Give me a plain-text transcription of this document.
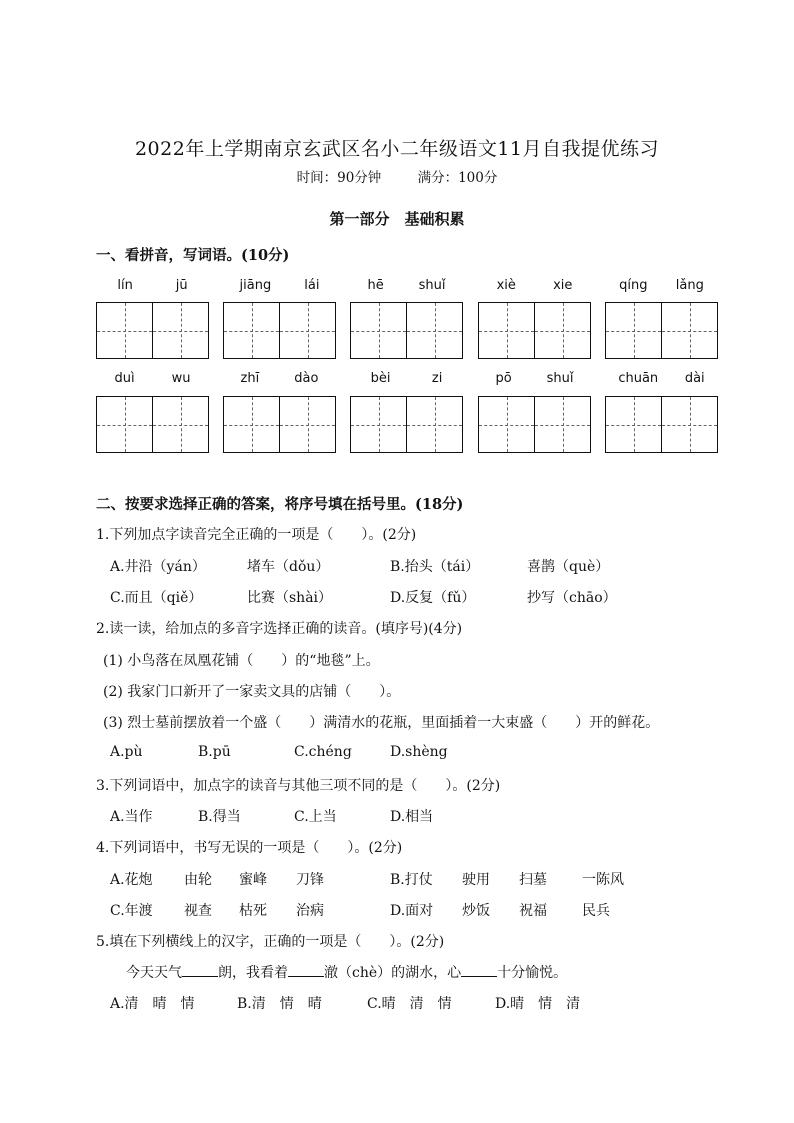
2022年上学期南京玄武区名小二年级语文11月自我提优练习
时间：90分钟	满分：100分
第一部分　基础积累
一、看拼音，写词语。(10分)
lín	jū	jiāng	lái	hē	shuǐ	xiè	xie	qíng lǎng
duì	wu	zhī	dào	bèi	zi	pō	shuǐ	chuān dài
二、按要求选择正确的答案，将序号填在括号里。(18分)
1.下列加点字读音完全正确的一项是（　　）。(2分)
A.井沿（yán）	堵车（dǒu）	B.抬头（tái）	喜鹊（què）
C.而且（qiě）	比赛（shài）	D.反复（fǔ）	抄写（chāo）
2.读一读，给加点的多音字选择正确的读音。(填序号)(4分)
(1) 小鸟落在凤凰花铺（　　）的“地毯”上。
(2) 我家门口新开了一家卖文具的店铺（　　）。
(3) 烈士墓前摆放着一个盛（　　）满清水的花瓶，里面插着一大束盛（　　）开的鲜花。
A.pù	B.pū	C.chéng	D.shèng
3.下列词语中，加点字的读音与其他三项不同的是（　　）。(2分)
A.当作	B.得当	C.上当	D.相当
4.下列词语中，书写无误的一项是（　　）。(2分)
A.花炮 由轮 蜜峰 刀锋	B.打仗 驶用 扫墓	一陈风
C.年渡 视查 枯死 治病	D.面对 炒饭 祝福	民兵
5.填在下列横线上的汉字，正确的一项是（　　）。(2分)
今天天气	朗，我看着	澈（chè）的湖水，心	十分愉悦。
A.清　晴　情	B.清　情　晴	C.晴　清　情	D.晴　情　清
